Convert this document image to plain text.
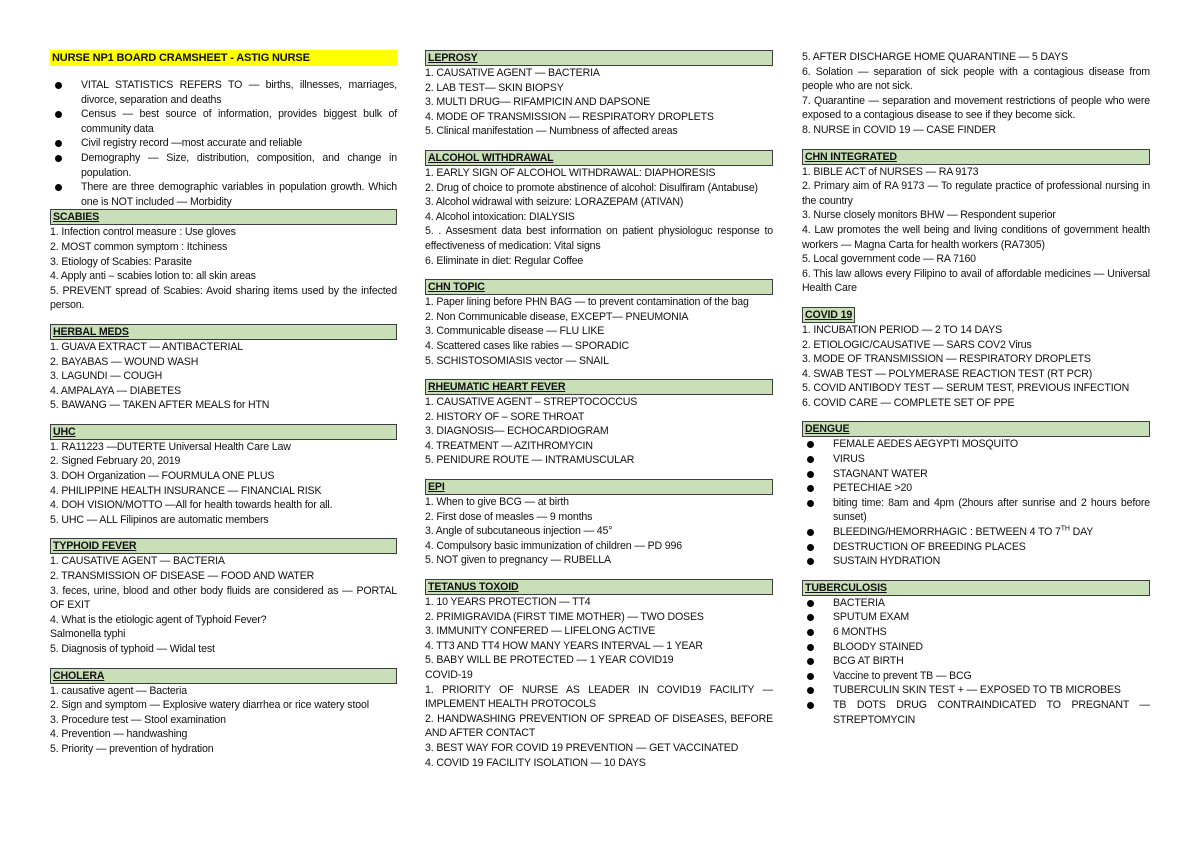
NURSE NP1 BOARD CRAMSHEET - ASTIG NURSE
VITAL STATISTICS REFERS TO — births, illnesses, marriages, divorce, separation and deaths
Census — best source of information, provides biggest bulk of community data
Civil registry record —most accurate and reliable
Demography — Size, distribution, composition, and change in population.
There are three demographic variables in population growth. Which one is NOT included — Morbidity
SCABIES
1. Infection control measure : Use gloves
2. MOST common symptom : Itchiness
3. Etiology of Scabies: Parasite
4. Apply anti – scabies lotion to: all skin areas
5. PREVENT spread of Scabies: Avoid sharing items used by the infected person.
HERBAL MEDS
1. GUAVA EXTRACT — ANTIBACTERIAL
2. BAYABAS — WOUND WASH
3. LAGUNDI — COUGH
4. AMPALAYA — DIABETES
5. BAWANG — TAKEN AFTER MEALS for HTN
UHC
1. RA11223 —DUTERTE Universal Health Care Law
2. Signed February 20, 2019
3. DOH Organization — FOURMULA ONE PLUS
4. PHILIPPINE HEALTH INSURANCE — FINANCIAL RISK
4. DOH VISION/MOTTO —All for health towards health for all.
5. UHC — ALL Filipinos are automatic members
TYPHOID FEVER
1. CAUSATIVE AGENT — BACTERIA
2. TRANSMISSION OF DISEASE — FOOD AND WATER
3. feces, urine, blood and other body fluids are considered as — PORTAL OF EXIT
4. What is the etiologic agent of Typhoid Fever?
Salmonella typhi
5. Diagnosis of typhoid — Widal test
CHOLERA
1. causative agent — Bacteria
2. Sign and symptom — Explosive watery diarrhea or rice watery stool
3. Procedure test — Stool examination
4. Prevention — handwashing
5. Priority — prevention of hydration
LEPROSY
1. CAUSATIVE AGENT — BACTERIA
2. LAB TEST— SKIN BIOPSY
3. MULTI DRUG— RIFAMPICIN AND DAPSONE
4. MODE OF TRANSMISSION — RESPIRATORY DROPLETS
5. Clinical manifestation — Numbness of affected areas
ALCOHOL WITHDRAWAL
1. EARLY SIGN OF ALCOHOL WITHDRAWAL: DIAPHORESIS
2. Drug of choice to promote abstinence of alcohol: Disulfiram (Antabuse)
3. Alcohol widrawal with seizure: LORAZEPAM (ATIVAN)
4. Alcohol intoxication: DIALYSIS
5. . Assesment data best information on patient physiologuc response to effectiveness of medication: Vital signs
6. Eliminate in diet: Regular Coffee
CHN TOPIC
1. Paper lining before PHN BAG — to prevent contamination of the bag
2. Non Communicable disease, EXCEPT— PNEUMONIA
3. Communicable disease — FLU LIKE
4. Scattered cases like rabies — SPORADIC
5. SCHISTOSOMIASIS vector — SNAIL
RHEUMATIC HEART FEVER
1. CAUSATIVE AGENT – STREPTOCOCCUS
2. HISTORY OF – SORE THROAT
3. DIAGNOSIS— ECHOCARDIOGRAM
4. TREATMENT — AZITHROMYCIN
5. PENIDURE ROUTE — INTRAMUSCULAR
EPI
1. When to give BCG — at birth
2. First dose of measles — 9 months
3. Angle of subcutaneous injection — 45°
4. Compulsory basic immunization of children — PD 996
5. NOT given to pregnancy — RUBELLA
TETANUS TOXOID
1. 10 YEARS PROTECTION — TT4
2. PRIMIGRAVIDA (FIRST TIME MOTHER) — TWO DOSES
3. IMMUNITY CONFERED — LIFELONG ACTIVE
4. TT3 AND TT4 HOW MANY YEARS INTERVAL — 1 YEAR
5. BABY WILL BE PROTECTED — 1 YEAR COVID19
COVID-19
1. PRIORITY OF NURSE AS LEADER IN COVID19 FACILITY — IMPLEMENT HEALTH PROTOCOLS
2. HANDWASHING PREVENTION OF SPREAD OF DISEASES, BEFORE AND AFTER CONTACT
3. BEST WAY FOR COVID 19 PREVENTION — GET VACCINATED
4. COVID 19 FACILITY ISOLATION — 10 DAYS
5. AFTER DISCHARGE HOME QUARANTINE — 5 DAYS
6. Solation — separation of sick people with a contagious disease from people who are not sick.
7. Quarantine — separation and movement restrictions of people who were exposed to a contagious disease to see if they become sick.
8. NURSE in COVID 19 — CASE FINDER
CHN INTEGRATED
1. BIBLE ACT of NURSES — RA 9173
2. Primary aim of RA 9173 — To regulate practice of professional nursing in the country
3. Nurse closely monitors BHW — Respondent superior
4. Law promotes the well being and living conditions of government health workers — Magna Carta for health workers (RA7305)
5. Local government code — RA 7160
6. This law allows every Filipino to avail of affordable medicines — Universal Health Care
COVID 19
1. INCUBATION PERIOD — 2 TO 14 DAYS
2. ETIOLOGIC/CAUSATIVE — SARS COV2 Virus
3. MODE OF TRANSMISSION — RESPIRATORY DROPLETS
4. SWAB TEST — POLYMERASE REACTION TEST (RT PCR)
5. COVID ANTIBODY TEST — SERUM TEST, PREVIOUS INFECTION
6. COVID CARE — COMPLETE SET OF PPE
DENGUE
FEMALE AEDES AEGYPTI MOSQUITO
VIRUS
STAGNANT WATER
PETECHIAE >20
biting time: 8am and 4pm (2hours after sunrise and 2 hours before sunset)
BLEEDING/HEMORRHAGIC : BETWEEN 4 TO 7TH DAY
DESTRUCTION OF BREEDING PLACES
SUSTAIN HYDRATION
TUBERCULOSIS
BACTERIA
SPUTUM EXAM
6 MONTHS
BLOODY STAINED
BCG AT BIRTH
Vaccine to prevent TB — BCG
TUBERCULIN SKIN TEST + — EXPOSED TO TB MICROBES
TB DOTS DRUG CONTRAINDICATED TO PREGNANT — STREPTOMYCIN
